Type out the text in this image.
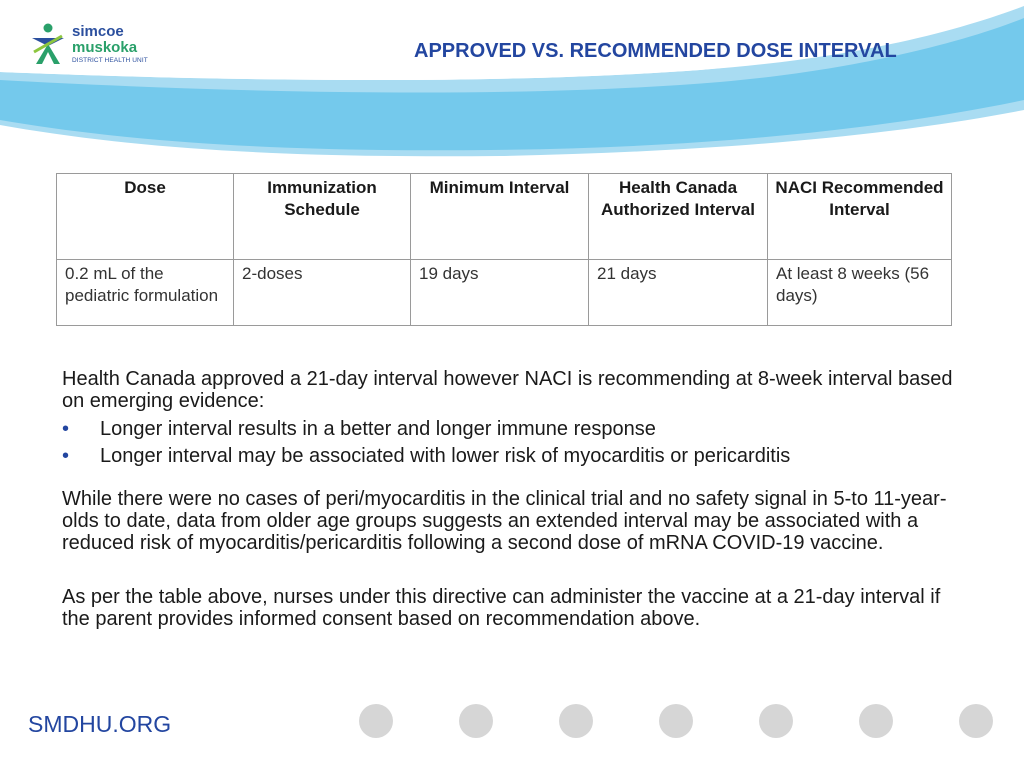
simcoe
muskoka
DISTRICT HEALTH UNIT	APPROVED VS. RECOMMENDED DOSE INTERVAL
Dose	Immunization Schedule	Minimum Interval	Health Canada Authorized Interval	NACI Recommended Interval
0.2 mL of the pediatric formulation	2-doses	19 days	21 days	At least 8 weeks (56 days)

Health Canada approved a 21-day interval however NACI is recommending at 8-week interval based on emerging evidence:

• Longer interval results in a better and longer immune response
• Longer interval may be associated with lower risk of myocarditis or pericarditis

While there were no cases of peri/myocarditis in the clinical trial and no safety signal in 5-to 11-year-olds to date, data from older age groups suggests an extended interval may be associated with a reduced risk of myocarditis/pericarditis following a second dose of mRNA COVID-19 vaccine.

As per the table above, nurses under this directive can administer the vaccine at a 21-day interval if the parent provides informed consent based on recommendation above.

SMDHU.ORG
